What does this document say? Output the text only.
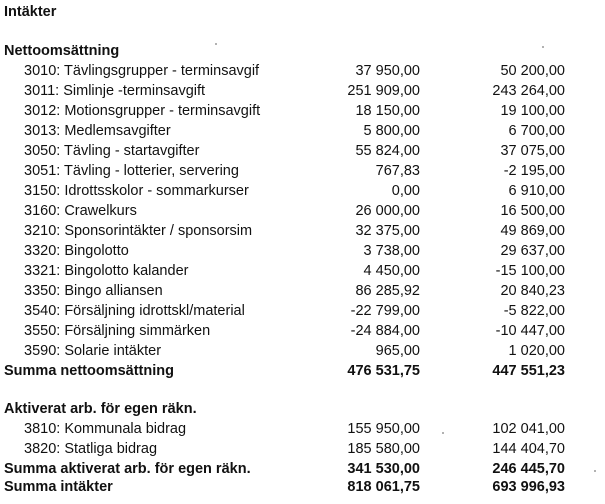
Intäkter
Nettoomsättning
3010: Tävlingsgrupper - terminsavgif	37 950,00	50 200,00
3011: Simlinje -terminsavgift	251 909,00	243 264,00
3012: Motionsgrupper - terminsavgift	18 150,00	19 100,00
3013: Medlemsavgifter	5 800,00	6 700,00
3050: Tävling - startavgifter	55 824,00	37 075,00
3051: Tävling - lotterier, servering	767,83	-2 195,00
3150: Idrottsskolor - sommarkurser	0,00	6 910,00
3160: Crawelkurs	26 000,00	16 500,00
3210: Sponsorintäkter / sponsorsim	32 375,00	49 869,00
3320: Bingolotto	3 738,00	29 637,00
3321: Bingolotto kalander	4 450,00	-15 100,00
3350: Bingo alliansen	86 285,92	20 840,23
3540: Försäljning idrottskl/material	-22 799,00	-5 822,00
3550: Försäljning simmärken	-24 884,00	-10 447,00
3590: Solarie intäkter	965,00	1 020,00
Summa nettoomsättning	476 531,75	447 551,23
Aktiverat arb. för egen räkn.
3810: Kommunala bidrag	155 950,00	102 041,00
3820: Statliga bidrag	185 580,00	144 404,70
Summa aktiverat arb. för egen räkn.	341 530,00	246 445,70
Summa intäkter	818 061,75	693 996,93
